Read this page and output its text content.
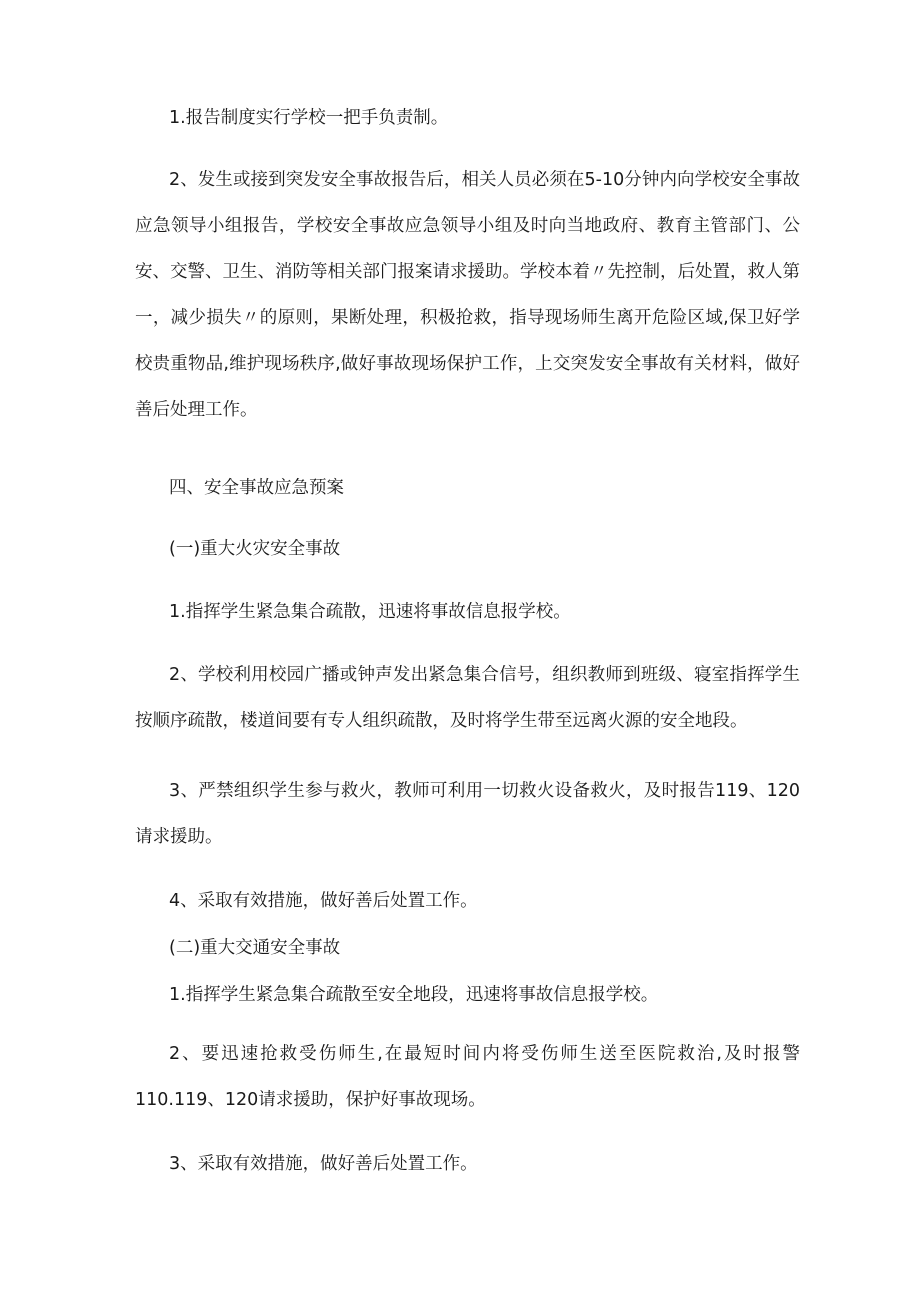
1.报告制度实行学校一把手负责制。

2、发生或接到突发安全事故报告后，相关人员必须在5-10分钟内向学校安全事故应急领导小组报告，学校安全事故应急领导小组及时向当地政府、教育主管部门、公安、交警、卫生、消防等相关部门报案请求援助。学校本着〃先控制，后处置，救人第一，减少损失〃的原则，果断处理，积极抢救，指导现场师生离开危险区域,保卫好学校贵重物品,维护现场秩序,做好事故现场保护工作，上交突发安全事故有关材料，做好善后处理工作。

四、安全事故应急预案

(一)重大火灾安全事故

1.指挥学生紧急集合疏散，迅速将事故信息报学校。

2、学校利用校园广播或钟声发出紧急集合信号，组织教师到班级、寝室指挥学生按顺序疏散，楼道间要有专人组织疏散，及时将学生带至远离火源的安全地段。

3、严禁组织学生参与救火，教师可利用一切救火设备救火，及时报告119、120请求援助。

4、采取有效措施，做好善后处置工作。

(二)重大交通安全事故

1.指挥学生紧急集合疏散至安全地段，迅速将事故信息报学校。

2、要迅速抢救受伤师生,在最短时间内将受伤师生送至医院救治,及时报警110.119、120请求援助，保护好事故现场。

3、采取有效措施，做好善后处置工作。
